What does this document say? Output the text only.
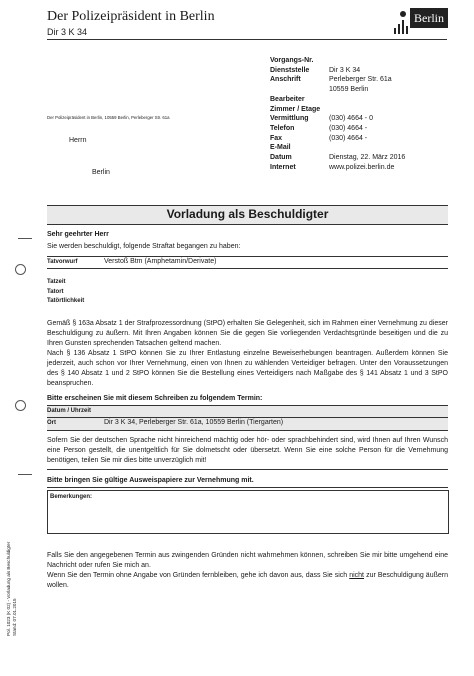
Der Polizeipräsident in Berlin
Dir 3 K 34
Berlin
Der Polizeipräsident in Berlin, 10559 Berlin, Perleberger Str. 61a
Herrn
Berlin
Vorgangs-Nr.
Dienststelle	Dir 3 K 34
Anschrift	Perleberger Str. 61a
10559 Berlin
Bearbeiter
Zimmer / Etage
Vermittlung	(030) 4664 - 0
Telefon	(030) 4664 -
Fax	(030) 4664 -
E-Mail
Datum	Dienstag, 22. März 2016
Internet	www.polizei.berlin.de
Vorladung als Beschuldigter
Sehr geehrter Herr
Sie werden beschuldigt, folgende Straftat begangen zu haben:
Tatvorwurf	Verstoß Btm (Amphetamin/Derivate)
Tatzeit
Tatort
Tatörtlichkeit
Gemäß § 163a Absatz 1 der Strafprozessordnung (StPO) erhalten Sie Gelegenheit, sich im Rahmen einer Vernehmung zu dieser Beschuldigung zu äußern. Mit Ihren Angaben können Sie die gegen Sie vorliegenden Verdachtsgründe beseitigen und die zu Ihren Gunsten sprechenden Tatsachen geltend machen.
Nach § 136 Absatz 1 StPO können Sie zu Ihrer Entlastung einzelne Beweiserhebungen beantragen. Außerdem können Sie jederzeit, auch schon vor Ihrer Vernehmung, einen von Ihnen zu wählenden Verteidiger befragen. Unter den Voraussetzungen des § 140 Absatz 1 und 2 StPO können Sie die Bestellung eines Verteidigers nach Maßgabe des § 141 Absatz 1 und 3 StPO beanspruchen.
Bitte erscheinen Sie mit diesem Schreiben zu folgendem Termin:
Datum / Uhrzeit
Ort	Dir 3 K 34, Perleberger Str. 61a, 10559 Berlin (Tiergarten)
Sofern Sie der deutschen Sprache nicht hinreichend mächtig oder hör- oder sprachbehindert sind, wird Ihnen auf Ihren Wunsch eine Person gestellt, die unentgeltlich für Sie dolmetscht oder übersetzt. Wenn Sie eine solche Person für die Vernehmung benötigen, teilen Sie mir dies bitte unverzüglich mit!
Bitte bringen Sie gültige Ausweispapiere zur Vernehmung mit.
Bemerkungen:
Falls Sie den angegebenen Termin aus zwingenden Gründen nicht wahrnehmen können, schreiben Sie mir bitte umgehend eine Nachricht oder rufen Sie mich an.
Wenn Sie den Termin ohne Angabe von Gründen fernbleiben, gehe ich davon aus, dass Sie sich nicht zur Beschuldigung äußern wollen.
Pol. 1023 (K 02) - Vorladung als Beschuldigter Stand: 07.01.2015
